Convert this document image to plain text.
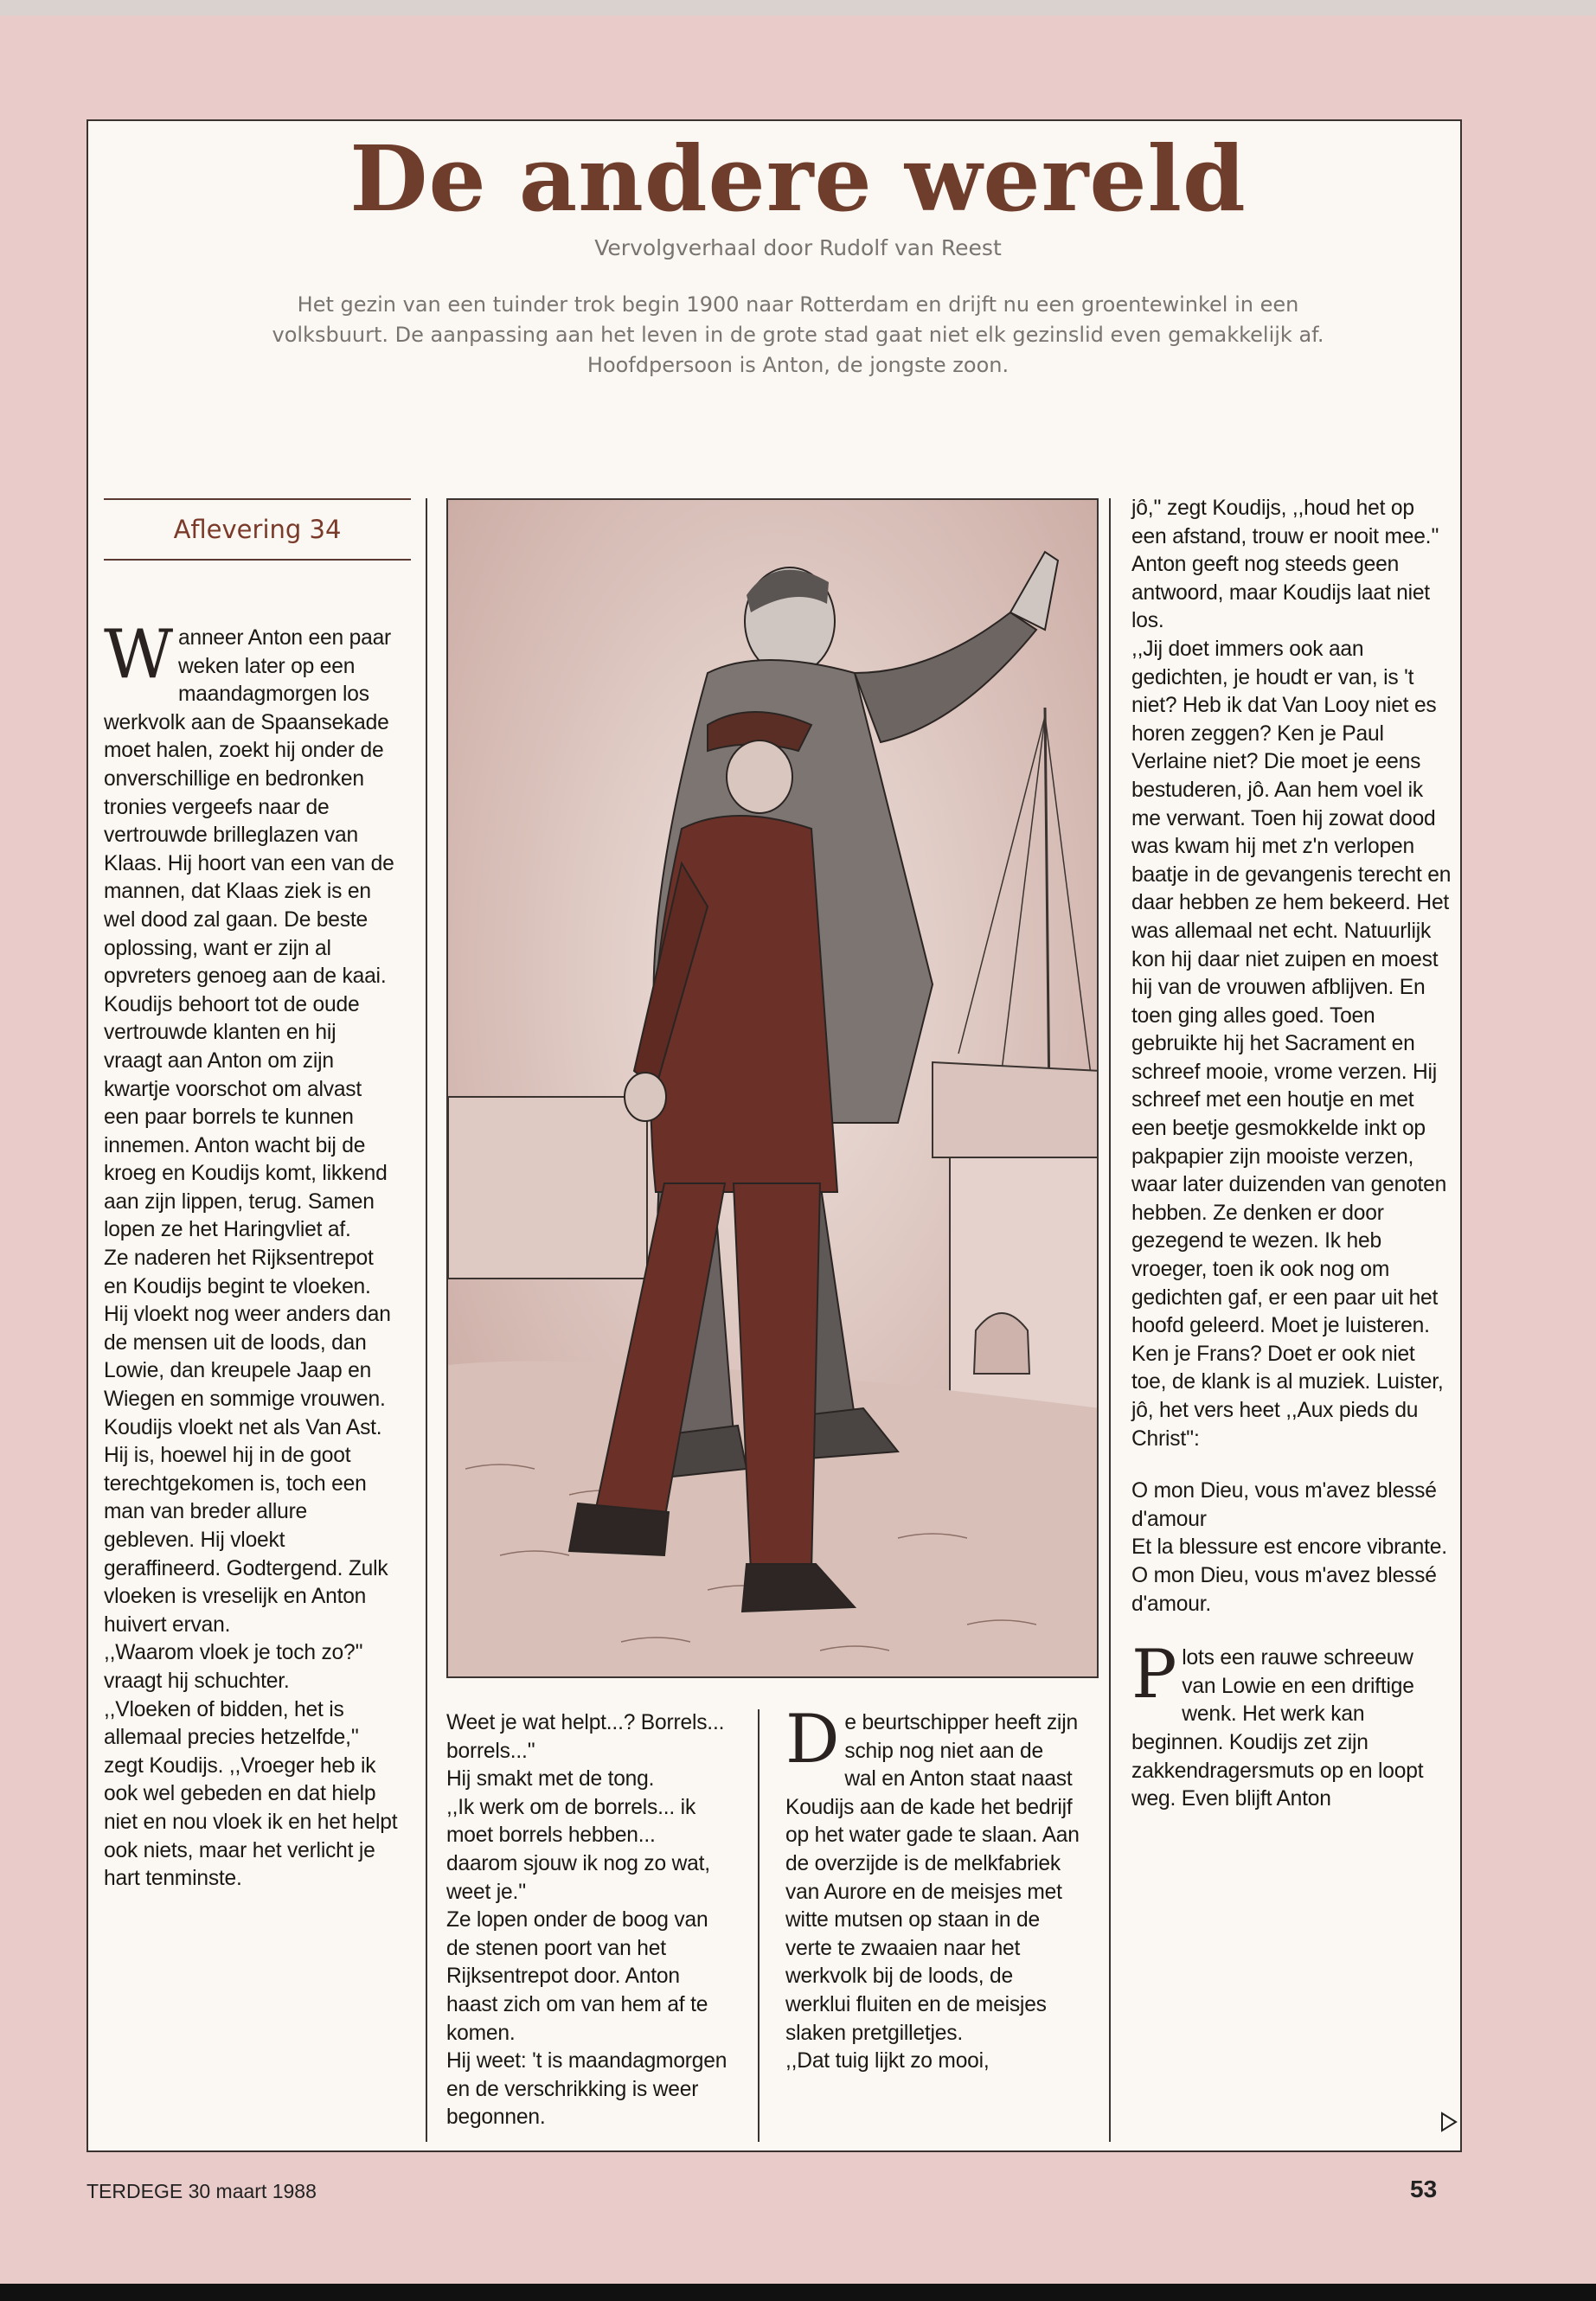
De andere wereld
Vervolgverhaal door Rudolf van Reest
Het gezin van een tuinder trok begin 1900 naar Rotterdam en drijft nu een groentewinkel in een volksbuurt. De aanpassing aan het leven in de grote stad gaat niet elk gezinslid even gemakkelijk af. Hoofdpersoon is Anton, de jongste zoon.
Aflevering 34

Wanneer Anton een paar weken later op een maandagmorgen los werkvolk aan de Spaansekade moet halen, zoekt hij onder de onverschillige en bedronken tronies vergeefs naar de vertrouwde brilleglazen van Klaas. Hij hoort van een van de mannen, dat Klaas ziek is en wel dood zal gaan. De beste oplossing, want er zijn al opvreters genoeg aan de kaai.

Koudijs behoort tot de oude vertrouwde klanten en hij vraagt aan Anton om zijn kwartje voorschot om alvast een paar borrels te kunnen innemen. Anton wacht bij de kroeg en Koudijs komt, likkend aan zijn lippen, terug. Samen lopen ze het Haringvliet af.

Ze naderen het Rijksentrepot en Koudijs begint te vloeken. Hij vloekt nog weer anders dan de mensen uit de loods, dan Lowie, dan kreupele Jaap en Wiegen en sommige vrouwen. Koudijs vloekt net als Van Ast. Hij is, hoewel hij in de goot terechtgekomen is, toch een man van breder allure gebleven. Hij vloekt geraffineerd. Godtergend. Zulk vloeken is vreselijk en Anton huivert ervan.

,,Waarom vloek je toch zo?'' vraagt hij schuchter.

,,Vloeken of bidden, het is allemaal precies hetzelfde,'' zegt Koudijs. ,,Vroeger heb ik ook wel gebeden en dat hielp niet en nou vloek ik en het helpt ook niets, maar het verlicht je hart tenminste.

Weet je wat helpt...? Borrels... borrels...''

Hij smakt met de tong.

,,Ik werk om de borrels... ik moet borrels hebben... daarom sjouw ik nog zo wat, weet je.''

Ze lopen onder de boog van de stenen poort van het Rijksentrepot door. Anton haast zich om van hem af te komen.

Hij weet: 't is maandagmorgen en de verschrikking is weer begonnen.

De beurtschipper heeft zijn schip nog niet aan de wal en Anton staat naast Koudijs aan de kade het bedrijf op het water gade te slaan. Aan de overzijde is de melkfabriek van Aurore en de meisjes met witte mutsen op staan in de verte te zwaaien naar het werkvolk bij de loods, de werklui fluiten en de meisjes slaken pretgilletjes.

,,Dat tuig lijkt zo mooi,

jô,'' zegt Koudijs, ,,houd het op een afstand, trouw er nooit mee.''

Anton geeft nog steeds geen antwoord, maar Koudijs laat niet los.

,,Jij doet immers ook aan gedichten, je houdt er van, is 't niet? Heb ik dat Van Looy niet es horen zeggen? Ken je Paul Verlaine niet? Die moet je eens bestuderen, jô. Aan hem voel ik me verwant. Toen hij zowat dood was kwam hij met z'n verlopen baatje in de gevangenis terecht en daar hebben ze hem bekeerd. Het was allemaal net echt. Natuurlijk kon hij daar niet zuipen en moest hij van de vrouwen afblijven. En toen ging alles goed. Toen gebruikte hij het Sacrament en schreef mooie, vrome verzen. Hij schreef met een houtje en met een beetje gesmokkelde inkt op pakpapier zijn mooiste verzen, waar later duizenden van genoten hebben. Ze denken er door gezegend te wezen. Ik heb vroeger, toen ik ook nog om gedichten gaf, er een paar uit het hoofd geleerd. Moet je luisteren. Ken je Frans? Doet er ook niet toe, de klank is al muziek. Luister, jô, het vers heet ,,Aux pieds du Christ'':

O mon Dieu, vous m'avez blessé d'amour

Et la blessure est encore vibrante.

O mon Dieu, vous m'avez blessé d'amour.

Plots een rauwe schreeuw van Lowie en een driftige wenk. Het werk kan beginnen. Koudijs zet zijn zakkendragersmuts op en loopt weg. Even blijft Anton

TERDEGE 30 maart 1988	53
